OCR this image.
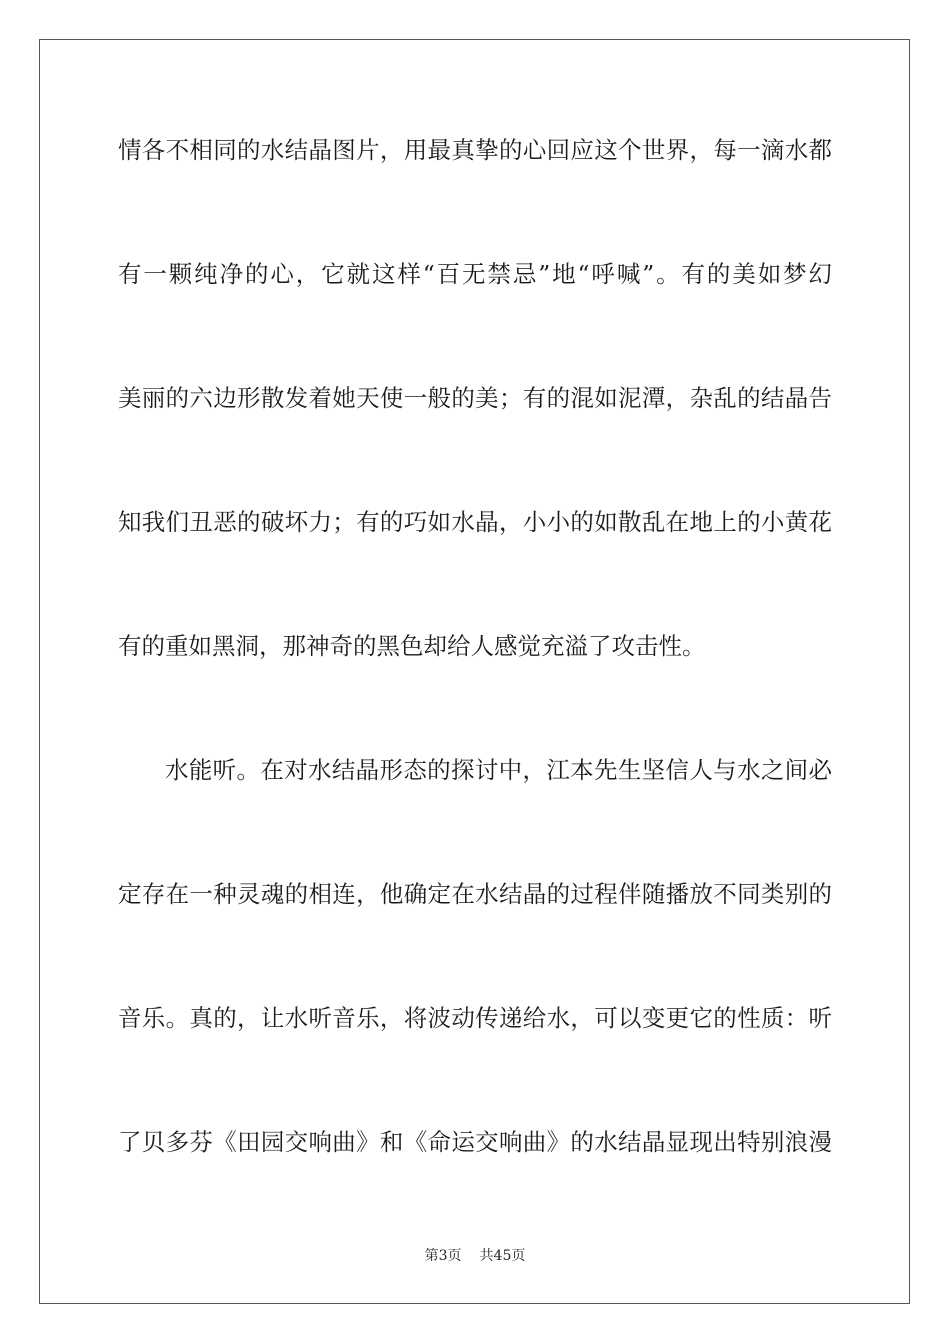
情各不相同的水结晶图片，用最真挚的心回应这个世界，每一滴水都
有一颗纯净的心，它就这样“百无禁忌”地“呼喊”。有的美如梦幻
美丽的六边形散发着她天使一般的美；有的混如泥潭，杂乱的结晶告
知我们丑恶的破坏力；有的巧如水晶，小小的如散乱在地上的小黄花
有的重如黑洞，那神奇的黑色却给人感觉充溢了攻击性。
水能听。在对水结晶形态的探讨中，江本先生坚信人与水之间必
定存在一种灵魂的相连，他确定在水结晶的过程伴随播放不同类别的
音乐。真的，让水听音乐，将波动传递给水，可以变更它的性质：听
了贝多芬《田园交响曲》和《命运交响曲》的水结晶显现出特别浪漫
第3页 共45页
